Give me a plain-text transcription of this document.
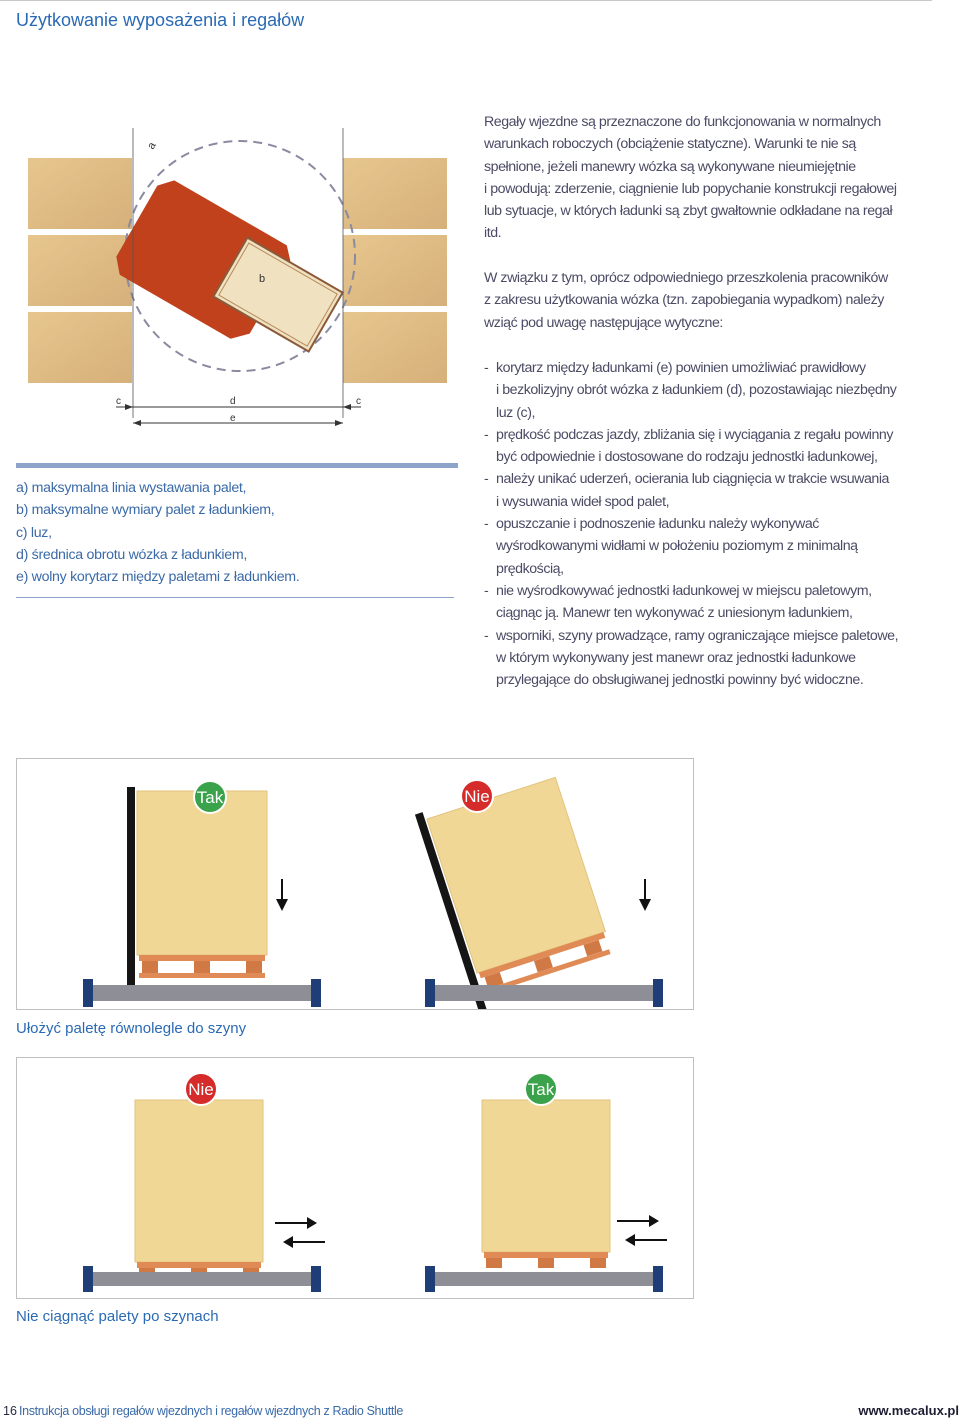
Użytkowanie wyposażenia i regałów
a
b
c	d	c
e

Regały wjezdne są przeznaczone do funkcjonowania w normalnych

warunkach roboczych (obciążenie statyczne). Warunki te nie są

spełnione, jeżeli manewry wózka są wykonywane nieumiejętnie

i powodują: zderzenie, ciągnienie lub popychanie konstrukcji regałowej

lub sytuacje, w których ładunki są zbyt gwałtownie odkładane na regał

itd.

W związku z tym, oprócz odpowiedniego przeszkolenia pracowników

z zakresu użytkowania wózka (tzn. zapobiegania wypadkom) należy

wziąć pod uwagę następujące wytyczne:

a) maksymalna linia wystawania palet,
b) maksymalne wymiary palet z ładunkiem,
c) luz,
d) średnica obrotu wózka z ładunkiem,
e) wolny korytarz między paletami z ładunkiem.
- korytarz między ładunkami (e) powinien umożliwiać prawidłowy
i bezkolizyjny obrót wózka z ładunkiem (d), pozostawiając niezbędny
luz (c),
- prędkość podczas jazdy, zbliżania się i wyciągania z regału powinny
być odpowiednie i dostosowane do rodzaju jednostki ładunkowej,
- należy unikać uderzeń, ocierania lub ciągnięcia w trakcie wsuwania
i wysuwania wideł spod palet,
- opuszczanie i podnoszenie ładunku należy wykonywać
wyśrodkowanymi widłami w położeniu poziomym z minimalną
prędkością,
- nie wyśrodkowywać jednostki ładunkowej w miejscu paletowym,
ciągnąc ją. Manewr ten wykonywać z uniesionym ładunkiem,
- wsporniki, szyny prowadzące, ramy ograniczające miejsce paletowe,
w którym wykonywany jest manewr oraz jednostki ładunkowe
przylegające do obsługiwanej jednostki powinny być widoczne.
Tak	Nie
Ułożyć paletę równolegle do szyny
Nie	Tak
Nie ciągnąć palety po szynach
16 Instrukcja obsługi regałów wjezdnych i regałów wjezdnych z Radio Shuttle	www.mecalux.pl
